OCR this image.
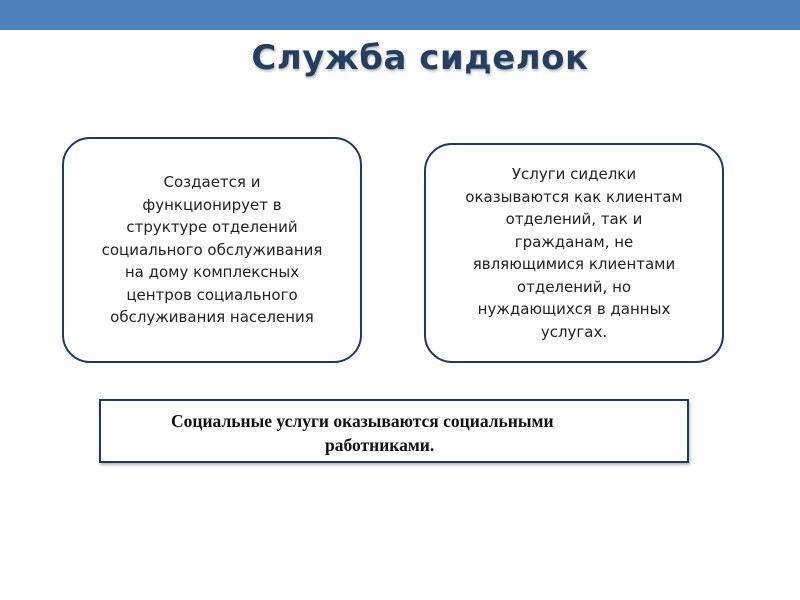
Служба сиделок
Создается и
функционирует в
структуре отделений
социального обслуживания
на дому комплексных
центров социального
обслуживания населения
Услуги сиделки
оказываются как клиентам
отделений, так и
гражданам, не
являющимися клиентами
отделений, но
нуждающихся в данных
услугах.
Социальные услуги оказываются социальными
работниками.
